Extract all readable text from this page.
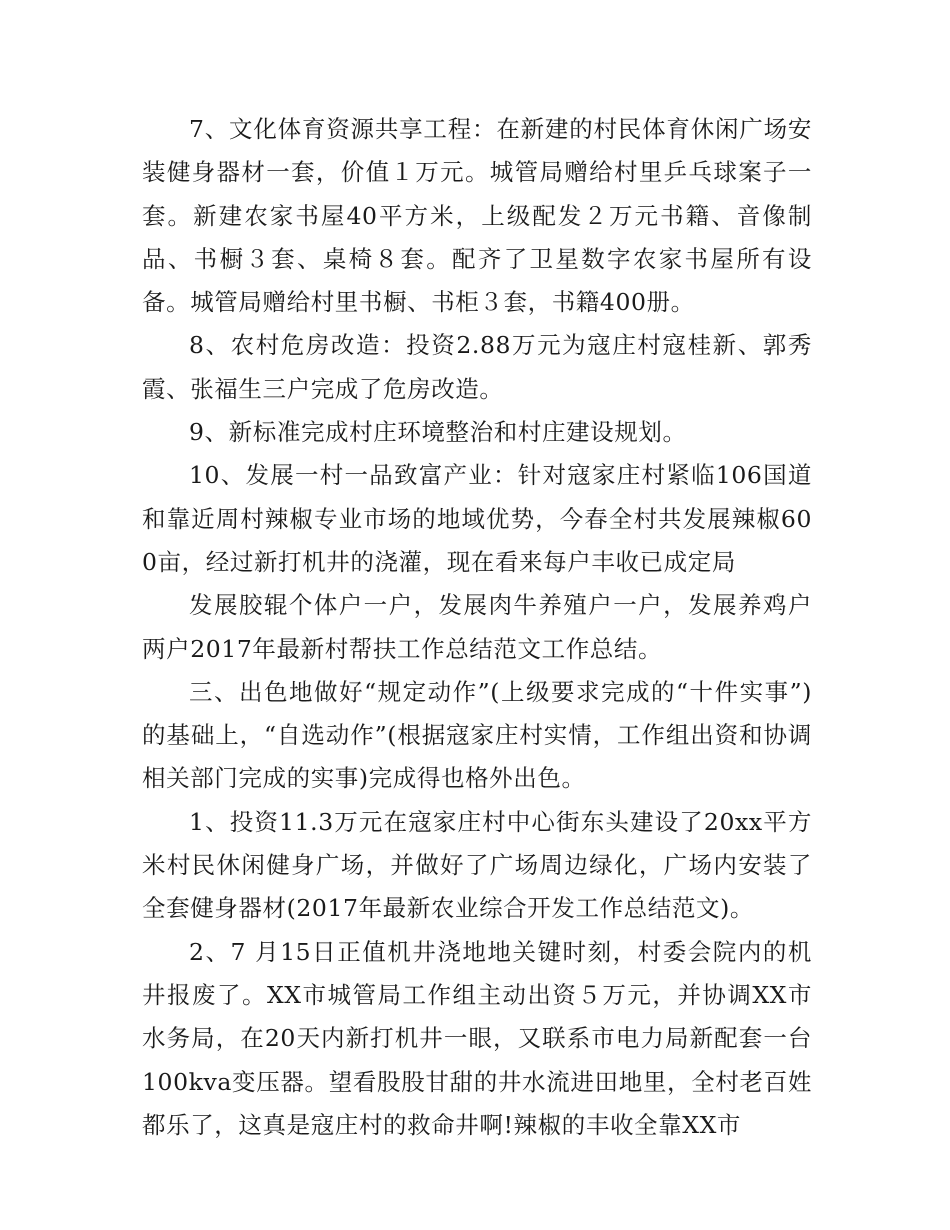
7、文化体育资源共享工程：在新建的村民体育休闲广场安装健身器材一套，价值１万元。城管局赠给村里乒乓球案子一套。新建农家书屋40平方米，上级配发２万元书籍、音像制品、书橱３套、桌椅８套。配齐了卫星数字农家书屋所有设备。城管局赠给村里书橱、书柜３套，书籍400册。

8、农村危房改造：投资2.88万元为寇庄村寇桂新、郭秀霞、张福生三户完成了危房改造。

9、新标准完成村庄环境整治和村庄建设规划。

10、发展一村一品致富产业：针对寇家庄村紧临106国道和靠近周村辣椒专业市场的地域优势，今春全村共发展辣椒600亩，经过新打机井的浇灌，现在看来每户丰收已成定局

发展胶辊个体户一户，发展肉牛养殖户一户，发展养鸡户两户2017年最新村帮扶工作总结范文工作总结。

三、出色地做好“规定动作”(上级要求完成的“十件实事”)的基础上，“自选动作”(根据寇家庄村实情，工作组出资和协调相关部门完成的实事)完成得也格外出色。

1、投资11.3万元在寇家庄村中心街东头建设了20xx平方米村民休闲健身广场，并做好了广场周边绿化，广场内安装了全套健身器材(2017年最新农业综合开发工作总结范文)。

2、7 月15日正值机井浇地地关键时刻，村委会院内的机井报废了。XX市城管局工作组主动出资５万元，并协调XX市水务局，在20天内新打机井一眼，又联系市电力局新配套一台100kva变压器。望看股股甘甜的井水流进田地里，全村老百姓都乐了，这真是寇庄村的救命井啊!辣椒的丰收全靠XX市
